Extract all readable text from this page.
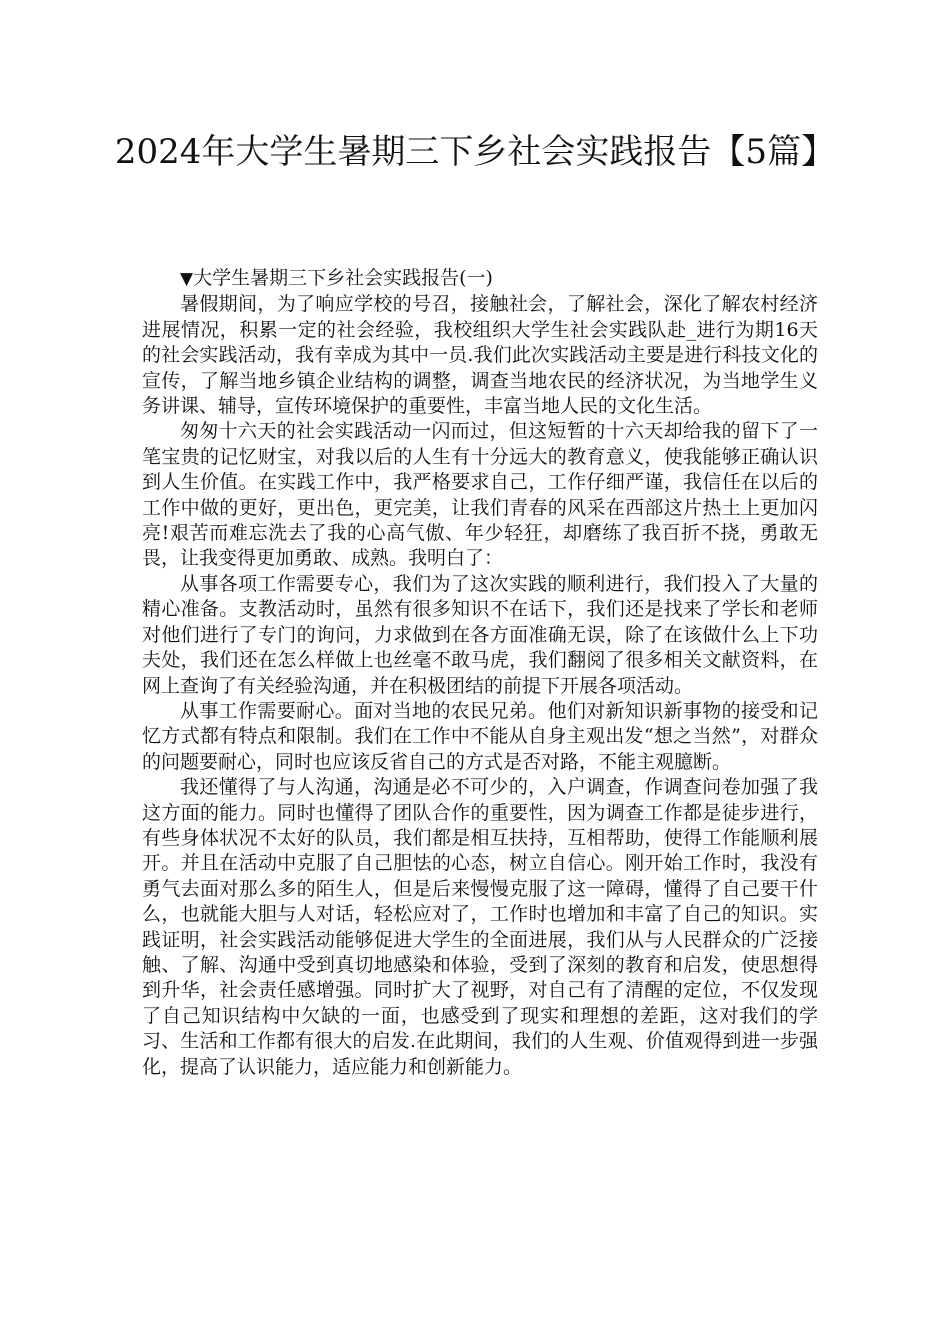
2024年大学生暑期三下乡社会实践报告【5篇】

▼大学生暑期三下乡社会实践报告(一)

暑假期间，为了响应学校的号召，接触社会，了解社会，深化了解农村经济进展情况，积累一定的社会经验，我校组织大学生社会实践队赴_进行为期16天的社会实践活动，我有幸成为其中一员.我们此次实践活动主要是进行科技文化的宣传，了解当地乡镇企业结构的调整，调查当地农民的经济状况，为当地学生义务讲课、辅导，宣传环境保护的重要性，丰富当地人民的文化生活。

匆匆十六天的社会实践活动一闪而过，但这短暂的十六天却给我的留下了一笔宝贵的记忆财宝，对我以后的人生有十分远大的教育意义，使我能够正确认识到人生价值。在实践工作中，我严格要求自己，工作仔细严谨，我信任在以后的工作中做的更好，更出色，更完美，让我们青春的风采在西部这片热土上更加闪亮!艰苦而难忘洗去了我的心高气傲、年少轻狂，却磨练了我百折不挠，勇敢无畏，让我变得更加勇敢、成熟。我明白了：

从事各项工作需要专心，我们为了这次实践的顺利进行，我们投入了大量的精心准备。支教活动时，虽然有很多知识不在话下，我们还是找来了学长和老师对他们进行了专门的询问，力求做到在各方面准确无误，除了在该做什么上下功夫处，我们还在怎么样做上也丝毫不敢马虎，我们翻阅了很多相关文献资料，在网上查询了有关经验沟通，并在积极团结的前提下开展各项活动。

从事工作需要耐心。面对当地的农民兄弟。他们对新知识新事物的接受和记忆方式都有特点和限制。我们在工作中不能从自身主观出发“想之当然”，对群众的问题要耐心，同时也应该反省自己的方式是否对路，不能主观臆断。

我还懂得了与人沟通，沟通是必不可少的，入户调查，作调查问卷加强了我这方面的能力。同时也懂得了团队合作的重要性，因为调查工作都是徒步进行，有些身体状况不太好的队员，我们都是相互扶持，互相帮助，使得工作能顺利展开。并且在活动中克服了自己胆怯的心态，树立自信心。刚开始工作时，我没有勇气去面对那么多的陌生人，但是后来慢慢克服了这一障碍，懂得了自己要干什么，也就能大胆与人对话，轻松应对了，工作时也增加和丰富了自己的知识。实践证明，社会实践活动能够促进大学生的全面进展，我们从与人民群众的广泛接触、了解、沟通中受到真切地感染和体验，受到了深刻的教育和启发，使思想得到升华，社会责任感增强。同时扩大了视野，对自己有了清醒的定位，不仅发现了自己知识结构中欠缺的一面，也感受到了现实和理想的差距，这对我们的学习、生活和工作都有很大的启发.在此期间，我们的人生观、价值观得到进一步强化，提高了认识能力，适应能力和创新能力。
